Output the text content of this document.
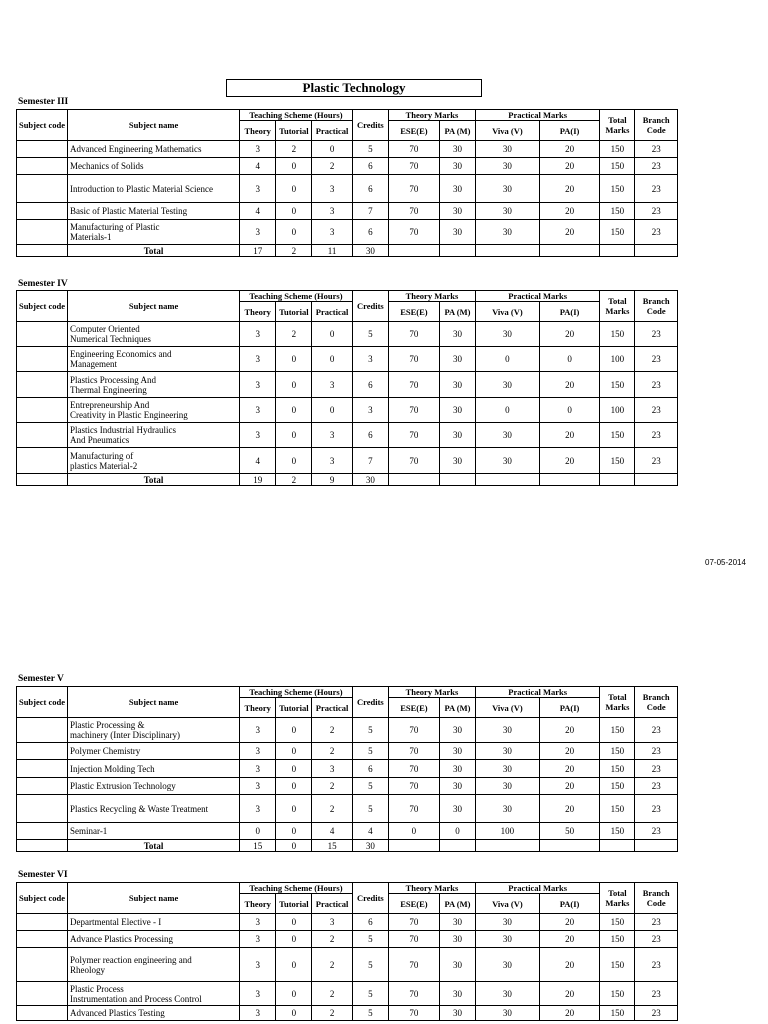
Plastic Technology
07-05-2014
Semester III
Subject code	Subject name	Teaching Scheme (Hours)			Credits	Theory Marks		Practical Marks		Total Marks	Branch Code
		Theory	Tutorial	Practical		ESE(E)	PA (M)	Viva (V)	PA(I)		
	Advanced Engineering Mathematics	3	2	0	5	70	30	30	20	150	23
	Mechanics of Solids	4	0	2	6	70	30	30	20	150	23
	Introduction to Plastic Material Science	3	0	3	6	70	30	30	20	150	23
	Basic of Plastic Material Testing	4	0	3	7	70	30	30	20	150	23
	Manufacturing of Plastic
Materials-1	3	0	3	6	70	30	30	20	150	23
	Total	17	2	11	30						
Semester IV
Subject code	Subject name	Teaching Scheme (Hours)			Credits	Theory Marks		Practical Marks		Total Marks	Branch Code
		Theory	Tutorial	Practical		ESE(E)	PA (M)	Viva (V)	PA(I)		
	Computer Oriented
Numerical Techniques	3	2	0	5	70	30	30	20	150	23
	Engineering Economics and
Management	3	0	0	3	70	30	0	0	100	23
	Plastics Processing And
Thermal Engineering	3	0	3	6	70	30	30	20	150	23
	Entrepreneurship And
Creativity in Plastic Engineering	3	0	0	3	70	30	0	0	100	23
	Plastics Industrial Hydraulics
And Pneumatics	3	0	3	6	70	30	30	20	150	23
	Manufacturing of
plastics Material-2	4	0	3	7	70	30	30	20	150	23
	Total	19	2	9	30						
Semester V
Subject code	Subject name	Teaching Scheme (Hours)			Credits	Theory Marks		Practical Marks		Total Marks	Branch Code
		Theory	Tutorial	Practical		ESE(E)	PA (M)	Viva (V)	PA(I)		
	Plastic Processing &
machinery (Inter Disciplinary)	3	0	2	5	70	30	30	20	150	23
	Polymer Chemistry	3	0	2	5	70	30	30	20	150	23
	Injection Molding Tech	3	0	3	6	70	30	30	20	150	23
	Plastic Extrusion Technology	3	0	2	5	70	30	30	20	150	23
	Plastics Recycling & Waste Treatment	3	0	2	5	70	30	30	20	150	23
	Seminar-1	0	0	4	4	0	0	100	50	150	23
	Total	15	0	15	30						
Semester VI
Subject code	Subject name	Teaching Scheme (Hours)			Credits	Theory Marks		Practical Marks		Total Marks	Branch Code
		Theory	Tutorial	Practical		ESE(E)	PA (M)	Viva (V)	PA(I)		
	Departmental Elective - I	3	0	3	6	70	30	30	20	150	23
	Advance Plastics Processing	3	0	2	5	70	30	30	20	150	23
	Polymer reaction engineering and
Rheology	3	0	2	5	70	30	30	20	150	23
	Plastic Process
Instrumentation and Process Control	3	0	2	5	70	30	30	20	150	23
	Advanced Plastics Testing	3	0	2	5	70	30	30	20	150	23
